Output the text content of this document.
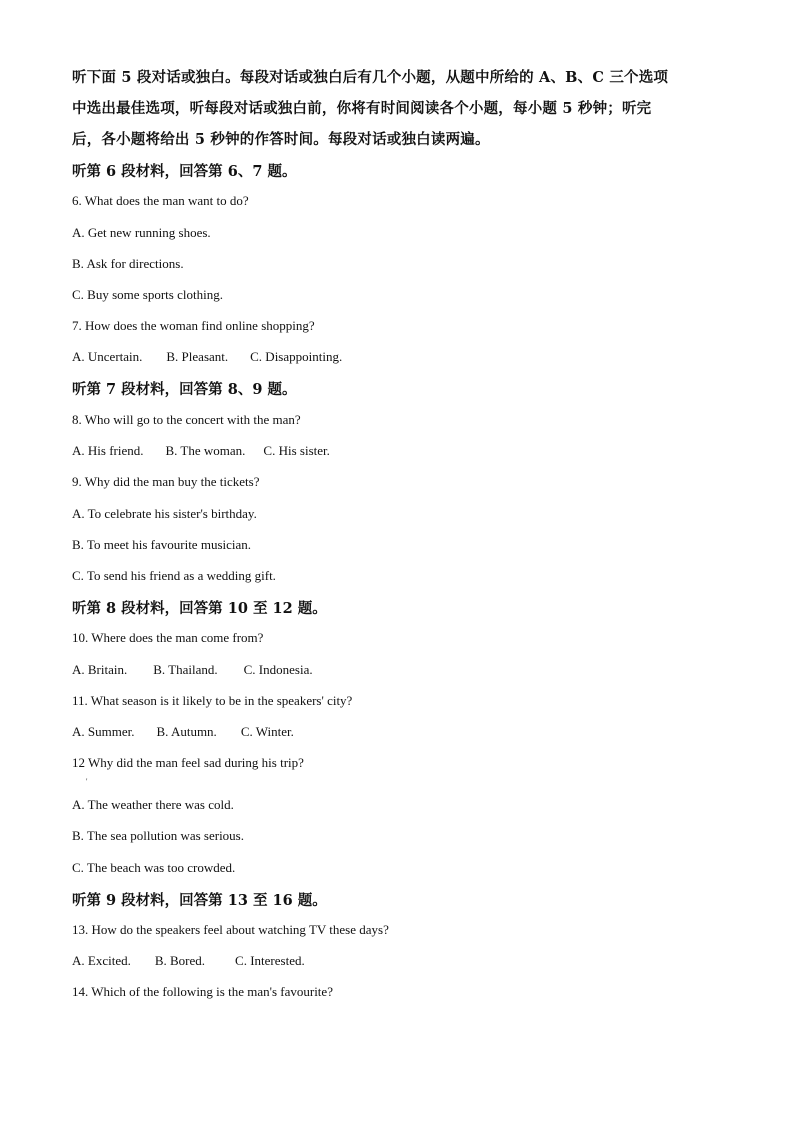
听下面 5 段对话或独白。每段对话或独白后有几个小题，从题中所给的 A、B、C 三个选项
中选出最佳选项，听每段对话或独白前，你将有时间阅读各个小题，每小题 5 秒钟；听完
后，各小题将给出 5 秒钟的作答时间。每段对话或独白读两遍。
听第 6 段材料，回答第 6、7 题。
6. What does the man want to do?
A. Get new running shoes.
B. Ask for directions.
C. Buy some sports clothing.
7. How does the woman find online shopping?
A. Uncertain. B. Pleasant. C. Disappointing.
听第 7 段材料，回答第 8、9 题。
8. Who will go to the concert with the man?
A. His friend. B. The woman. C. His sister.
9. Why did the man buy the tickets?
A. To celebrate his sister's birthday.
B. To meet his favourite musician.
C. To send his friend as a wedding gift.
听第 8 段材料，回答第 10 至 12 题。
10. Where does the man come from?
A. Britain. B. Thailand. C. Indonesia.
11. What season is it likely to be in the speakers' city?
A. Summer. B. Autumn. C. Winter.
12 Why did the man feel sad during his trip?
'
A. The weather there was cold.
B. The sea pollution was serious.
C. The beach was too crowded.
听第 9 段材料，回答第 13 至 16 题。
13. How do the speakers feel about watching TV these days?
A. Excited. B. Bored. C. Interested.
14. Which of the following is the man's favourite?
